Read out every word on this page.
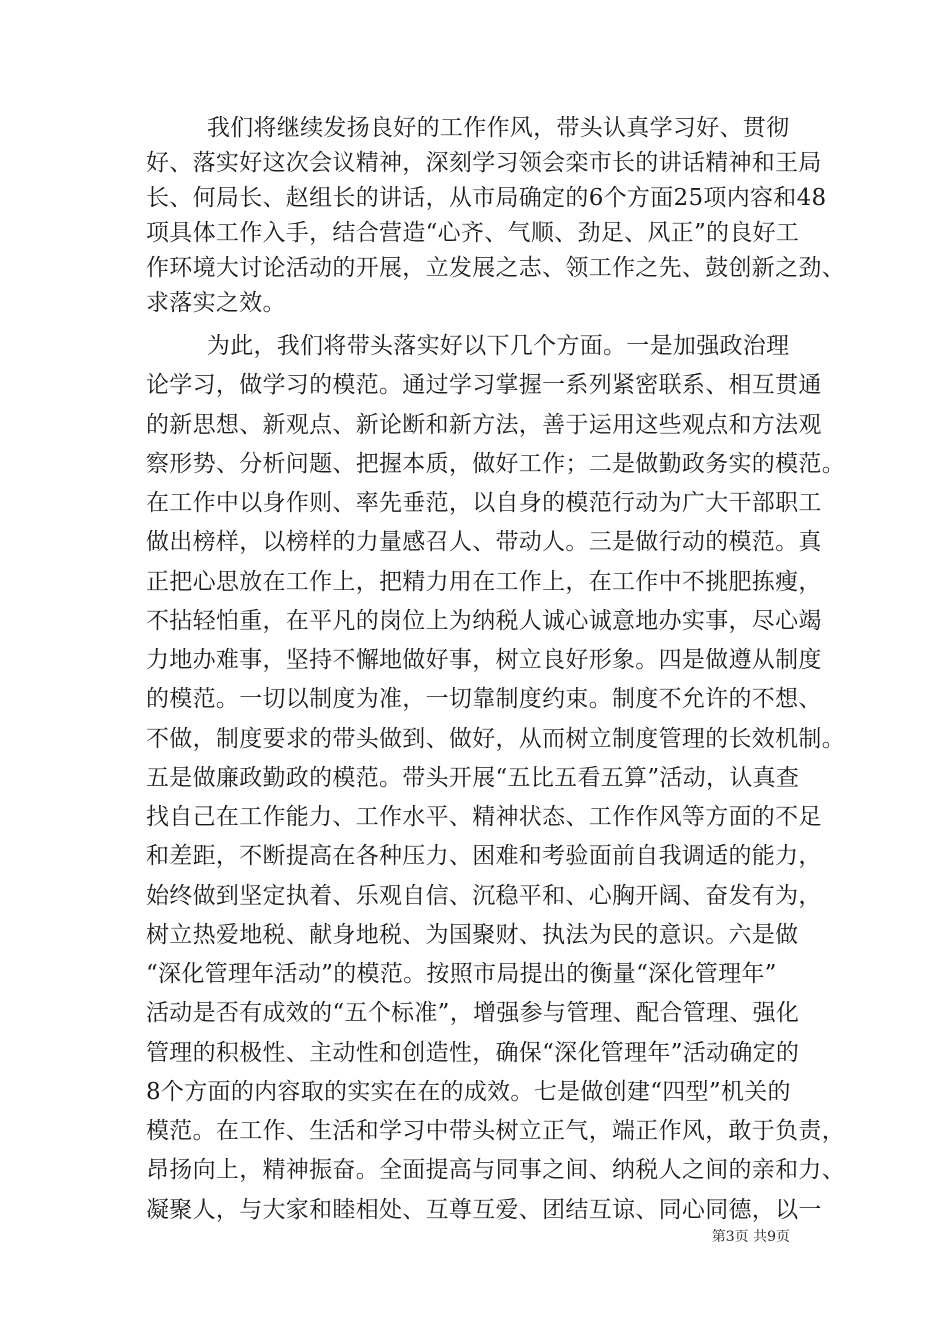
我们将继续发扬良好的工作作风，带头认真学习好、贯彻
好、落实好这次会议精神，深刻学习领会栾市长的讲话精神和王局
长、何局长、赵组长的讲话，从市局确定的6个方面25项内容和48
项具体工作入手，结合营造“心齐、气顺、劲足、风正”的良好工
作环境大讨论活动的开展，立发展之志、领工作之先、鼓创新之劲、
求落实之效。
为此，我们将带头落实好以下几个方面。一是加强政治理
论学习，做学习的模范。通过学习掌握一系列紧密联系、相互贯通
的新思想、新观点、新论断和新方法，善于运用这些观点和方法观
察形势、分析问题、把握本质，做好工作；二是做勤政务实的模范。
在工作中以身作则、率先垂范，以自身的模范行动为广大干部职工
做出榜样，以榜样的力量感召人、带动人。三是做行动的模范。真
正把心思放在工作上，把精力用在工作上，在工作中不挑肥拣瘦，
不拈轻怕重，在平凡的岗位上为纳税人诚心诚意地办实事，尽心竭
力地办难事，坚持不懈地做好事，树立良好形象。四是做遵从制度
的模范。一切以制度为准，一切靠制度约束。制度不允许的不想、
不做，制度要求的带头做到、做好，从而树立制度管理的长效机制。
五是做廉政勤政的模范。带头开展“五比五看五算”活动，认真查
找自己在工作能力、工作水平、精神状态、工作作风等方面的不足
和差距，不断提高在各种压力、困难和考验面前自我调适的能力，
始终做到坚定执着、乐观自信、沉稳平和、心胸开阔、奋发有为，
树立热爱地税、献身地税、为国聚财、执法为民的意识。六是做
“深化管理年活动”的模范。按照市局提出的衡量“深化管理年”
活动是否有成效的“五个标准”，增强参与管理、配合管理、强化
管理的积极性、主动性和创造性，确保“深化管理年”活动确定的
8个方面的内容取的实实在在的成效。七是做创建“四型”机关的
模范。在工作、生活和学习中带头树立正气，端正作风，敢于负责，
昂扬向上，精神振奋。全面提高与同事之间、纳税人之间的亲和力、
凝聚人，与大家和睦相处、互尊互爱、团结互谅、同心同德，以一
第3页 共9页
